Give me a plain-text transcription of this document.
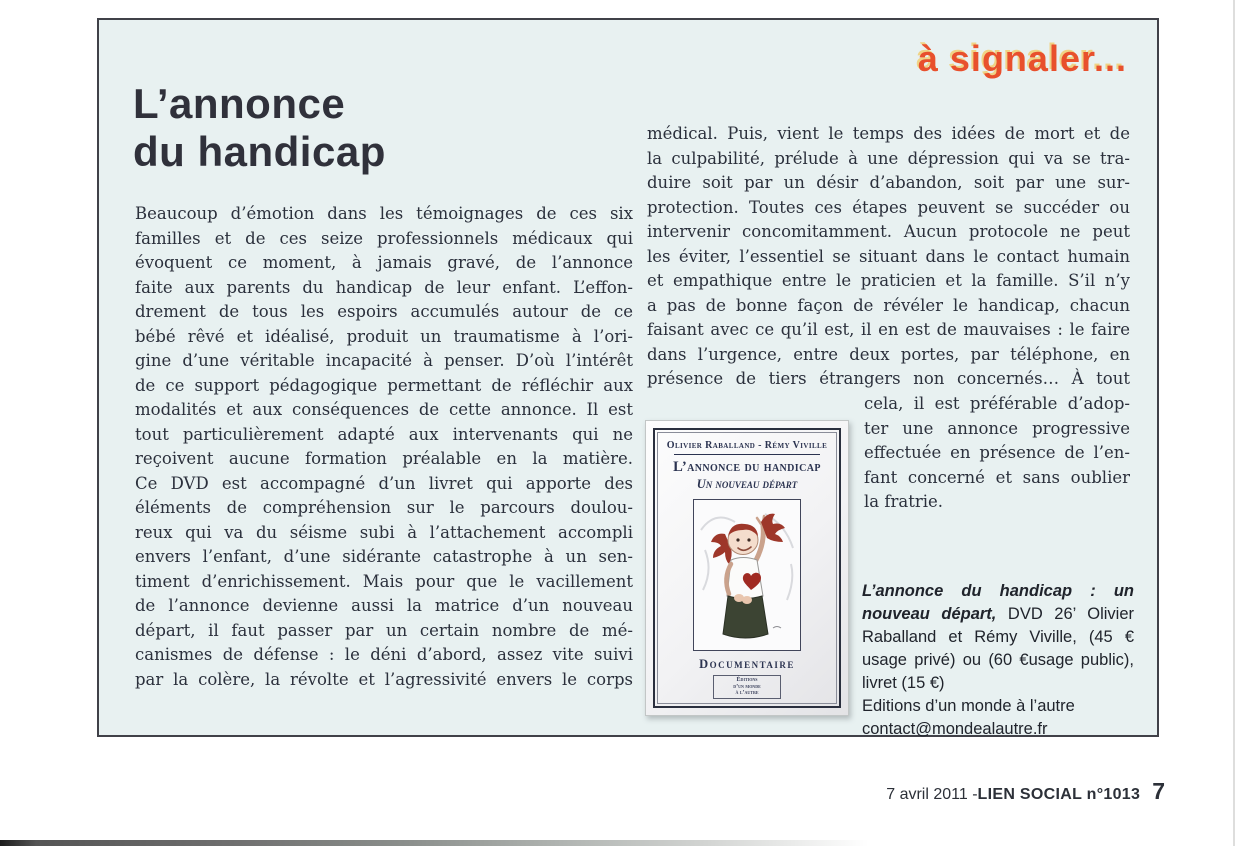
à signaler...
L’annonce
du handicap
Beaucoup d’émotion dans les témoignages de ces six
familles et de ces seize professionnels médicaux qui
évoquent ce moment, à jamais gravé, de l’annonce
faite aux parents du handicap de leur enfant. L’effon-
drement de tous les espoirs accumulés autour de ce
bébé rêvé et idéalisé, produit un traumatisme à l’ori-
gine d’une véritable incapacité à penser. D’où l’intérêt
de ce support pédagogique permettant de réfléchir aux
modalités et aux conséquences de cette annonce. Il est
tout particulièrement adapté aux intervenants qui ne
reçoivent aucune formation préalable en la matière.
Ce DVD est accompagné d’un livret qui apporte des
éléments de compréhension sur le parcours doulou-
reux qui va du séisme subi à l’attachement accompli
envers l’enfant, d’une sidérante catastrophe à un sen-
timent d’enrichissement. Mais pour que le vacillement
de l’annonce devienne aussi la matrice d’un nouveau
départ, il faut passer par un certain nombre de mé-
canismes de défense : le déni d’abord, assez vite suivi
par la colère, la révolte et l’agressivité envers le corps
médical. Puis, vient le temps des idées de mort et de
la culpabilité, prélude à une dépression qui va se tra-
duire soit par un désir d’abandon, soit par une sur-
protection. Toutes ces étapes peuvent se succéder ou
intervenir concomitamment. Aucun protocole ne peut
les éviter, l’essentiel se situant dans le contact humain
et empathique entre le praticien et la famille. S’il n’y
a pas de bonne façon de révéler le handicap, chacun
faisant avec ce qu’il est, il en est de mauvaises : le faire
dans l’urgence, entre deux portes, par téléphone, en
présence de tiers étrangers non concernés… À tout
cela, il est préférable d’adop-
ter une annonce progressive
effectuée en présence de l’en-
fant concerné et sans oublier
la fratrie.
Olivier Raballand - Rémy Viville
L’annonce du handicap
Un nouveau départ
Documentaire
Éditions
d’un monde
à l’autre

L’annonce du handicap : un nouveau départ, DVD 26’ Olivier Raballand et Rémy Viville, (45 € usage privé) ou (60 €usage public), livret (15 €)

Editions d’un monde à l’autre
contact@mondealautre.fr
7 avril 2011 - LIEN SOCIAL n°1013 7
